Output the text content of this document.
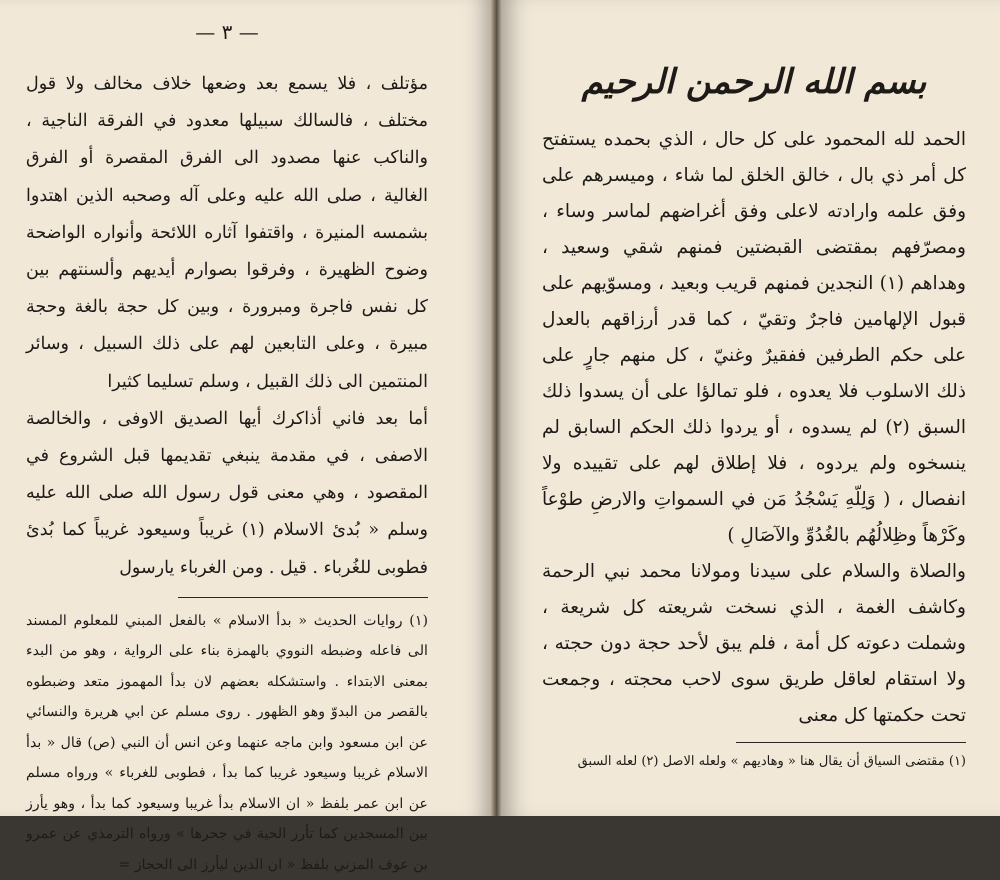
— ٣ —

مؤتلف ، فلا يسمع بعد وضعها خلاف مخالف ولا قول مختلف ، فالسالك سبيلها معدود في الفرقة الناجية ، والناكب عنها مصدود الى الفرق المقصرة أو الفرق الغالية ، صلى الله عليه وعلى آله وصحبه الذين اهتدوا بشمسه المنيرة ، واقتفوا آثاره اللائحة وأنواره الواضحة وضوح الظهيرة ، وفرقوا بصوارم أيديهم وألسنتهم بين كل نفس فاجرة ومبرورة ، وبين كل حجة بالغة وحجة مبيرة ، وعلى التابعين لهم على ذلك السبيل ، وسائر المنتمين الى ذلك القبيل ، وسلم تسليما كثيرا

أما بعد فاني أذاكرك أيها الصديق الاوفى ، والخالصة الاصفى ، في مقدمة ينبغي تقديمها قبل الشروع في المقصود ، وهي معنى قول رسول الله صلى الله عليه وسلم « بُدئ الاسلام (١) غريباً وسيعود غريباً كما بُدئ فطوبى للغُرباء . قيل . ومن الغرباء يارسول

(١) روايات الحديث « بدأ الاسلام » بالفعل المبني للمعلوم المسند الى فاعله وضبطه النووي بالهمزة بناء على الرواية ، وهو من البدء بمعنى الابتداء . واستشكله بعضهم لان بدأ المهموز متعد وضبطوه بالقصر من البدوّ وهو الظهور . روى مسلم عن ابي هريرة والنسائي عن ابن مسعود وابن ماجه عنهما وعن انس أن النبي (ص) قال « بدأ الاسلام غريبا وسيعود غريبا كما بدأ ، فطوبى للغرباء » ورواه مسلم عن ابن عمر بلفظ « ان الاسلام بدأ غريبا وسيعود كما بدأ ، وهو يأرز بين المسجدين كما تأرز الحية في جحرها » ورواه الترمذي عن عمرو بن عوف المزني بلفظ « ان الدين ليأرز الى الحجاز =

بسم الله الرحمن الرحيم

الحمد لله المحمود على كل حال ، الذي بحمده يستفتح كل أمر ذي بال ، خالق الخلق لما شاء ، وميسرهم على وفق علمه وارادته لاعلى وفق أغراضهم لماسر وساء ، ومصرّفهم بمقتضى القبضتين فمنهم شقي وسعيد ، وهداهم (١) النجدين فمنهم قريب وبعيد ، ومسوّيهم على قبول الإلهامين فاجرٌ وتقيّ ، كما قدر أرزاقهم بالعدل على حكم الطرفين ففقيرٌ وغنيّ ، كل منهم جارٍ على ذلك الاسلوب فلا يعدوه ، فلو تمالؤا على أن يسدوا ذلك السبق (٢) لم يسدوه ، أو يردوا ذلك الحكم السابق لم ينسخوه ولم يردوه ، فلا إطلاق لهم على تقييده ولا انفصال ، ( وَلِلّهِ يَسْجُدُ مَن في السمواتِ والارضِ طوْعاً وكَرْهاً وظِلالُهُم بالغُدُوِّ والآصَالِ )

والصلاة والسلام على سيدنا ومولانا محمد نبي الرحمة وكاشف الغمة ، الذي نسخت شريعته كل شريعة ، وشملت دعوته كل أمة ، فلم يبق لأحد حجة دون حجته ، ولا استقام لعاقل طريق سوى لاحب محجته ، وجمعت تحت حكمتها كل معنى

(١) مقتضى السياق أن يقال هنا « وهاديهم » ولعله الاصل (٢) لعله السبق
